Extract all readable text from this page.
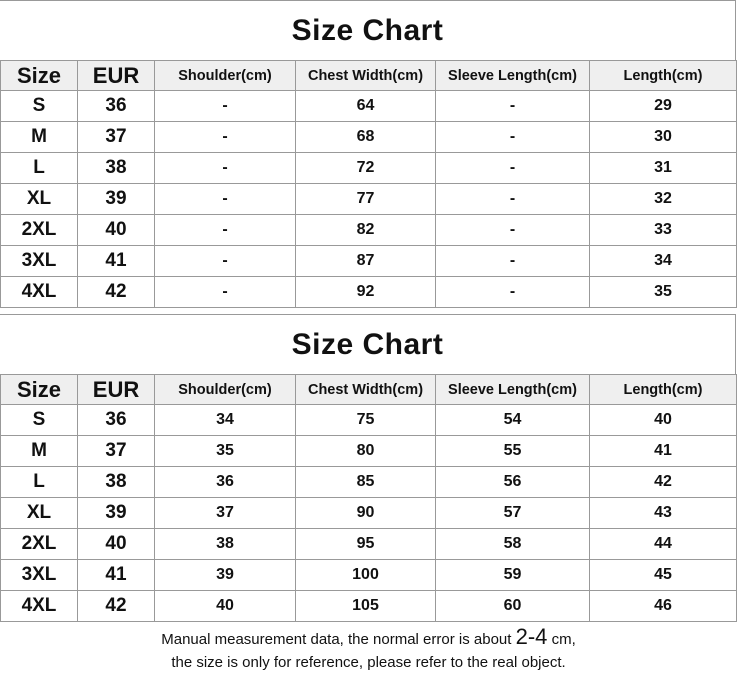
Size Chart
Size	EUR	Shoulder(cm)	Chest Width(cm)	Sleeve Length(cm)	Length(cm)
S	36	-	64	-	29
M	37	-	68	-	30
L	38	-	72	-	31
XL	39	-	77	-	32
2XL	40	-	82	-	33
3XL	41	-	87	-	34
4XL	42	-	92	-	35
Size Chart
Size	EUR	Shoulder(cm)	Chest Width(cm)	Sleeve Length(cm)	Length(cm)
S	36	34	75	54	40
M	37	35	80	55	41
L	38	36	85	56	42
XL	39	37	90	57	43
2XL	40	38	95	58	44
3XL	41	39	100	59	45
4XL	42	40	105	60	46
Manual measurement data, the normal error is about 2-4 cm,
the size is only for reference, please refer to the real object.
